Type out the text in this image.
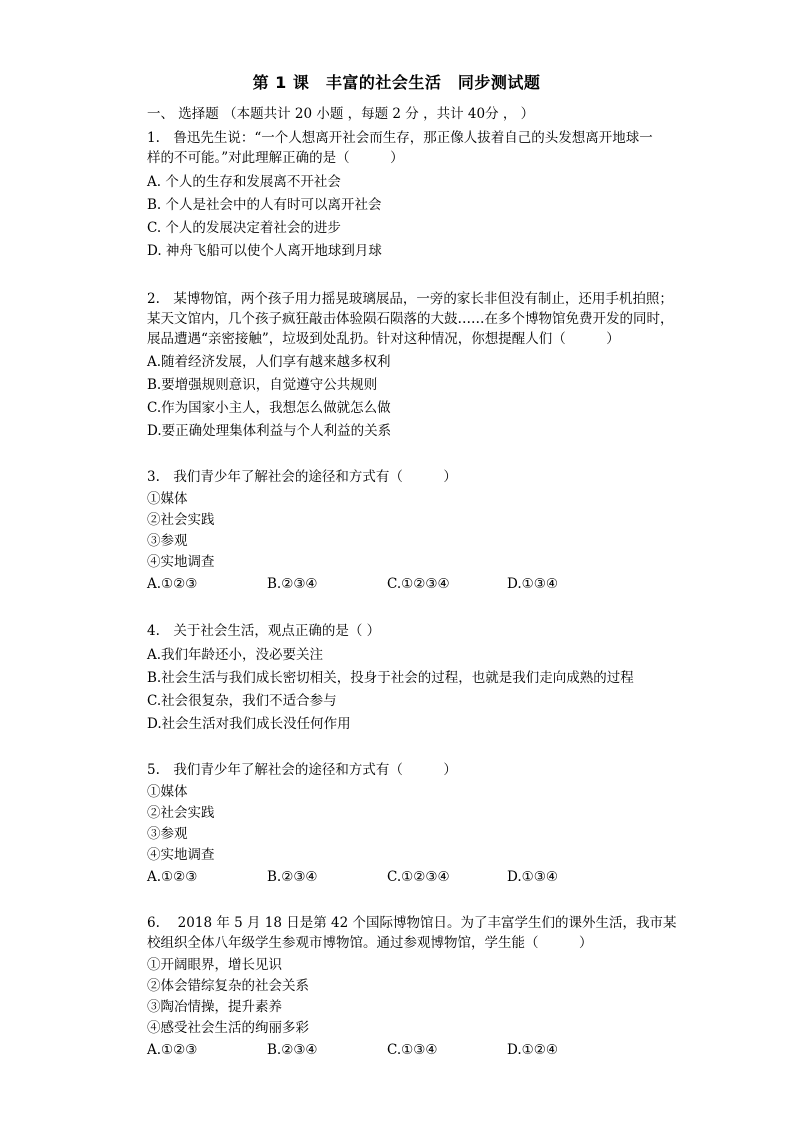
第 1 课　丰富的社会生活　同步测试题
一、 选择题 （本题共计 20 小题 ，每题 2 分 ，共计 40分 ， ）
1.　鲁迅先生说：“一个人想离开社会而生存，那正像人拔着自己的头发想离开地球一
样的不可能。”对此理解正确的是（　　　）
A. 个人的生存和发展离不开社会
B. 个人是社会中的人有时可以离开社会
C. 个人的发展决定着社会的进步
D. 神舟飞船可以使个人离开地球到月球
2.　某博物馆，两个孩子用力摇晃玻璃展品，一旁的家长非但没有制止，还用手机拍照；
某天文馆内，几个孩子疯狂敲击体验陨石陨落的大鼓……在多个博物馆免费开发的同时，
展品遭遇“亲密接触”，垃圾到处乱扔。针对这种情况，你想提醒人们（　　　）
A.随着经济发展，人们享有越来越多权利
B.要增强规则意识，自觉遵守公共规则
C.作为国家小主人，我想怎么做就怎么做
D.要正确处理集体利益与个人利益的关系
3.　我们青少年了解社会的途径和方式有（　　　）
①媒体
②社会实践
③参观
④实地调查
A.①②③	B.②③④	C.①②③④	D.①③④
4.　关于社会生活，观点正确的是（ ）
A.我们年龄还小，没必要关注
B.社会生活与我们成长密切相关，投身于社会的过程，也就是我们走向成熟的过程
C.社会很复杂，我们不适合参与
D.社会生活对我们成长没任何作用
5.　我们青少年了解社会的途径和方式有（　　　）
①媒体
②社会实践
③参观
④实地调查
A.①②③	B.②③④	C.①②③④	D.①③④
6.　 2018 年 5 月 18 日是第 42 个国际博物馆日。为了丰富学生们的课外生活，我市某
校组织全体八年级学生参观市博物馆。通过参观博物馆，学生能（　　　）
①开阔眼界，增长见识
②体会错综复杂的社会关系
③陶冶情操，提升素养
④感受社会生活的绚丽多彩
A.①②③	B.②③④	C.①③④	D.①②④
